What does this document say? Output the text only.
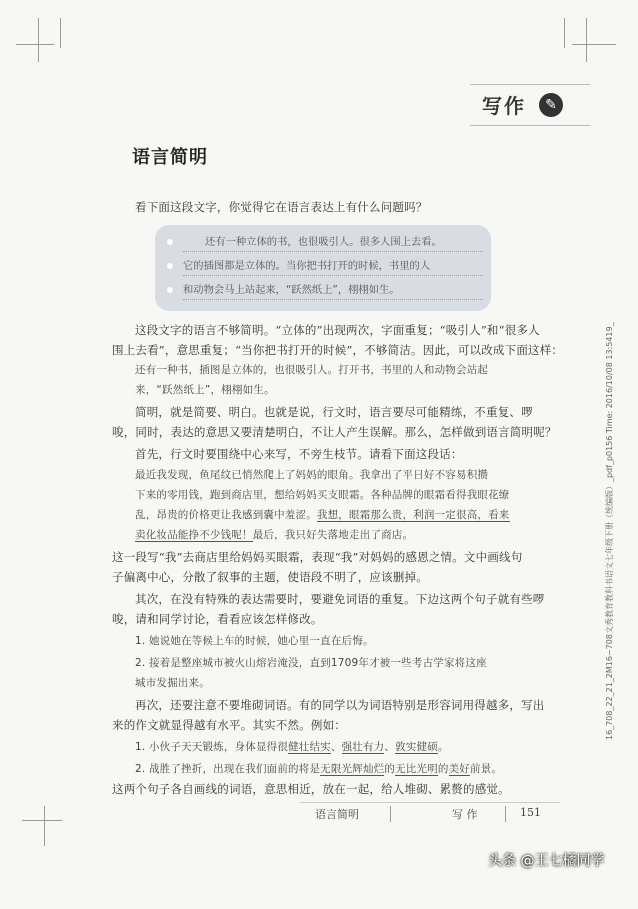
写作	✎
语言简明
看下面这段文字，你觉得它在语言表达上有什么问题吗？
还有一种立体的书，也很吸引人。很多人围上去看。
它的插图都是立体的。当你把书打开的时候，书里的人
和动物会马上站起来，“跃然纸上”，栩栩如生。
这段文字的语言不够简明。“立体的”出现两次，字面重复；“吸引人”和“很多人
围上去看”，意思重复；“当你把书打开的时候”，不够简洁。因此，可以改成下面这样：
还有一种书，插图是立体的，也很吸引人。打开书，书里的人和动物会站起
来，“跃然纸上”，栩栩如生。
简明，就是简要、明白。也就是说，行文时，语言要尽可能精练，不重复、啰
唆，同时，表达的意思又要清楚明白，不让人产生误解。那么，怎样做到语言简明呢？
首先，行文时要围绕中心来写，不旁生枝节。请看下面这段话：
最近我发现，鱼尾纹已悄然爬上了妈妈的眼角。我拿出了平日好不容易积攒
下来的零用钱，跑到商店里，想给妈妈买支眼霜。各种品牌的眼霜看得我眼花缭
乱，昂贵的价格更让我感到囊中羞涩。我想，眼霜那么贵，利润一定很高，看来
卖化妆品能挣不少钱呢！最后，我只好失落地走出了商店。
这一段写“我”去商店里给妈妈买眼霜，表现“我”对妈妈的感恩之情。文中画线句
子偏离中心，分散了叙事的主题，使语段不明了，应该删掉。
其次，在没有特殊的表达需要时，要避免词语的重复。下边这两个句子就有些啰
唆，请和同学讨论，看看应该怎样修改。
1. 她说她在等候上车的时候，她心里一直在后悔。
2. 接着是整座城市被火山熔岩淹没，直到1709年才被一些考古学家将这座
城市发掘出来。
再次，还要注意不要堆砌词语。有的同学以为词语特别是形容词用得越多，写出
来的作文就显得越有水平。其实不然。例如：
1. 小伙子天天锻炼，身体显得很健壮结实、强壮有力、敦实健硕。
2. 战胜了挫折，出现在我们面前的将是无限光辉灿烂的无比光明的美好前景。
这两个句子各自画线的词语，意思相近，放在一起，给人堆砌、累赘的感觉。
语言简明	写 作	151
16_708_22_21_2M16~708文秀教育教科书语文七年级下册（统编版）_pdf_p0156 Time: 2016/10/08 13:5419_
头条 @王七橘同学
